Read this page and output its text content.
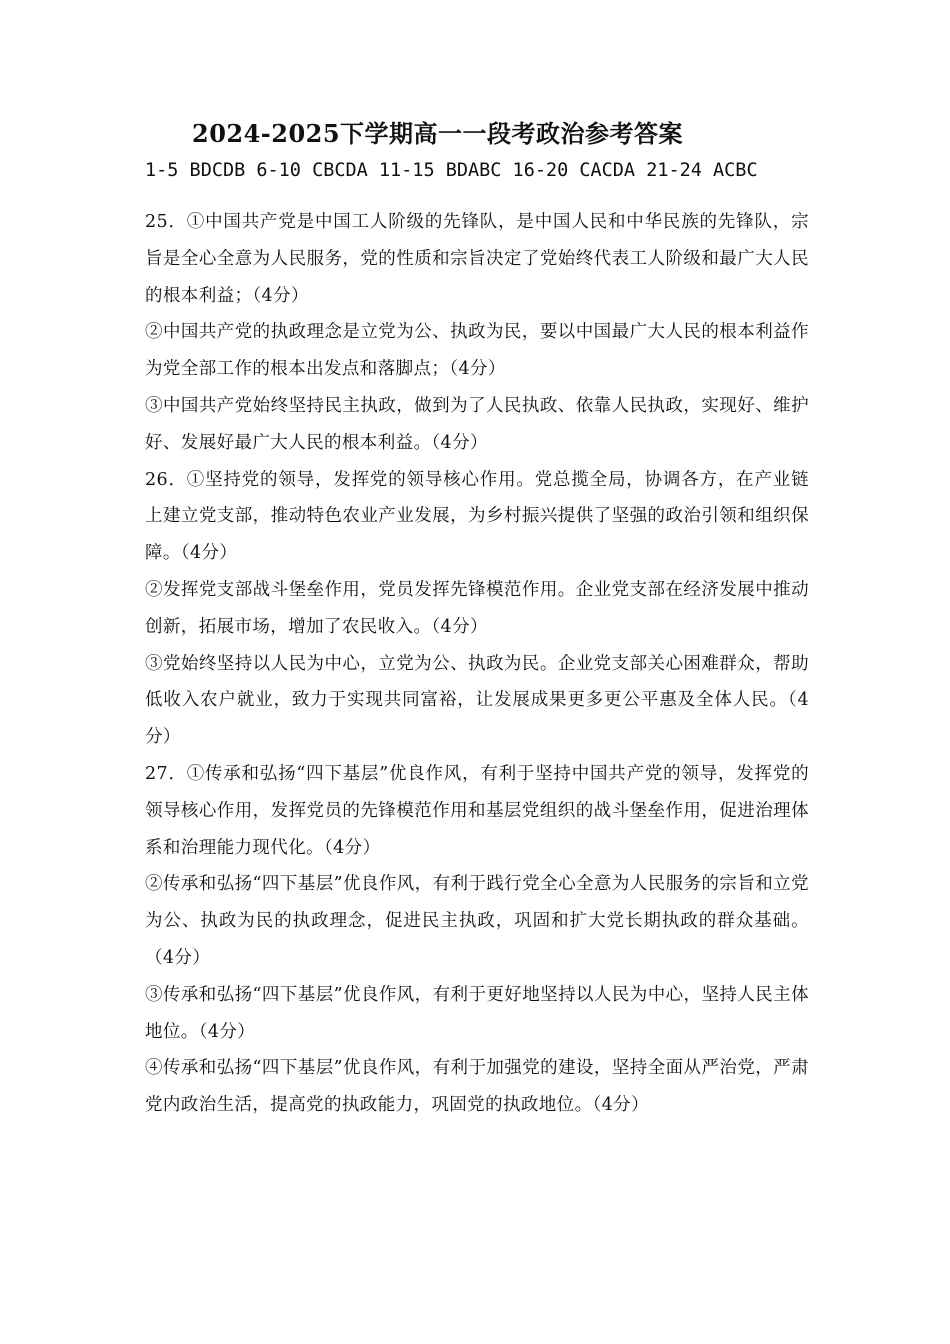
2024-2025下学期高一一段考政治参考答案
1-5 BDCDB 6-10 CBCDA 11-15 BDABC 16-20 CACDA 21-24 ACBC

25．①中国共产党是中国工人阶级的先锋队，是中国人民和中华民族的先锋队，宗旨是全心全意为人民服务，党的性质和宗旨决定了党始终代表工人阶级和最广大人民的根本利益；（4分）

②中国共产党的执政理念是立党为公、执政为民，要以中国最广大人民的根本利益作为党全部工作的根本出发点和落脚点；（4分）

③中国共产党始终坚持民主执政，做到为了人民执政、依靠人民执政，实现好、维护好、发展好最广大人民的根本利益。（4分）

26．①坚持党的领导，发挥党的领导核心作用。党总揽全局，协调各方，在产业链上建立党支部，推动特色农业产业发展，为乡村振兴提供了坚强的政治引领和组织保障。（4分）

②发挥党支部战斗堡垒作用，党员发挥先锋模范作用。企业党支部在经济发展中推动创新，拓展市场，增加了农民收入。（4分）

③党始终坚持以人民为中心，立党为公、执政为民。企业党支部关心困难群众，帮助低收入农户就业，致力于实现共同富裕，让发展成果更多更公平惠及全体人民。（4分）

27．①传承和弘扬“四下基层”优良作风，有利于坚持中国共产党的领导，发挥党的领导核心作用，发挥党员的先锋模范作用和基层党组织的战斗堡垒作用，促进治理体系和治理能力现代化。（4分）

②传承和弘扬“四下基层”优良作风，有利于践行党全心全意为人民服务的宗旨和立党为公、执政为民的执政理念，促进民主执政，巩固和扩大党长期执政的群众基础。（4分）

③传承和弘扬“四下基层”优良作风，有利于更好地坚持以人民为中心，坚持人民主体地位。（4分）

④传承和弘扬“四下基层”优良作风，有利于加强党的建设，坚持全面从严治党，严肃党内政治生活，提高党的执政能力，巩固党的执政地位。（4分）
